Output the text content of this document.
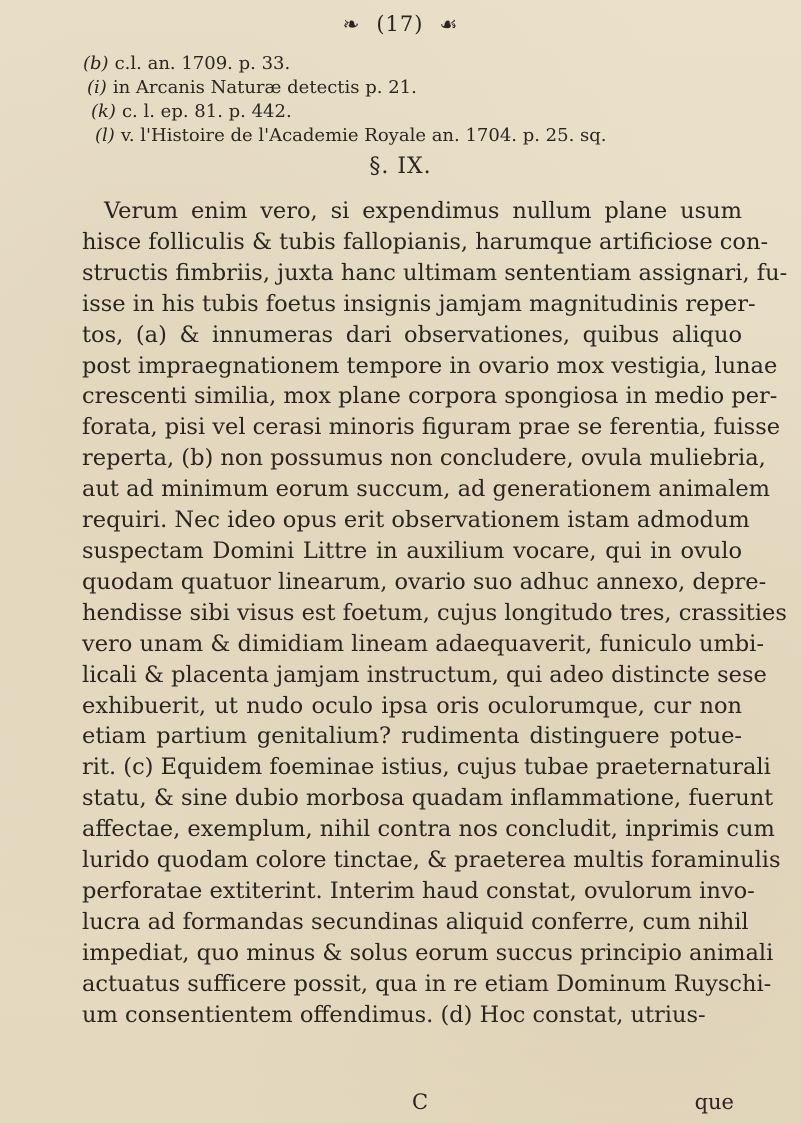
❧ (17) ☙
(b) c.l. an. 1709. p. 33.
(i) in Arcanis Naturæ detectis p. 21.
(k) c. l. ep. 81. p. 442.
(l) v. l'Histoire de l'Academie Royale an. 1704. p. 25. sq.
§. IX.
Verum enim vero, si expendimus nullum plane usum
hisce folliculis & tubis fallopianis, harumque artificiose con-
structis fimbriis, juxta hanc ultimam sententiam assignari, fu-
isse in his tubis foetus insignis jamjam magnitudinis reper-
tos, (a) & innumeras dari observationes, quibus aliquo
post impraegnationem tempore in ovario mox vestigia, lunae
crescenti similia, mox plane corpora spongiosa in medio per-
forata, pisi vel cerasi minoris figuram prae se ferentia, fuisse
reperta, (b) non possumus non concludere, ovula muliebria,
aut ad minimum eorum succum, ad generationem animalem
requiri. Nec ideo opus erit observationem istam admodum
suspectam Domini Littre in auxilium vocare, qui in ovulo
quodam quatuor linearum, ovario suo adhuc annexo, depre-
hendisse sibi visus est foetum, cujus longitudo tres, crassities
vero unam & dimidiam lineam adaequaverit, funiculo umbi-
licali & placenta jamjam instructum, qui adeo distincte sese
exhibuerit, ut nudo oculo ipsa oris oculorumque, cur non
etiam partium genitalium? rudimenta distinguere potue-
rit. (c) Equidem foeminae istius, cujus tubae praeternaturali
statu, & sine dubio morbosa quadam inflammatione, fuerunt
affectae, exemplum, nihil contra nos concludit, inprimis cum
lurido quodam colore tinctae, & praeterea multis foraminulis
perforatae extiterint. Interim haud constat, ovulorum invo-
lucra ad formandas secundinas aliquid conferre, cum nihil
impediat, quo minus & solus eorum succus principio animali
actuatus sufficere possit, qua in re etiam Dominum Ruyschi-
um consentientem offendimus. (d) Hoc constat, utrius-
C	que
